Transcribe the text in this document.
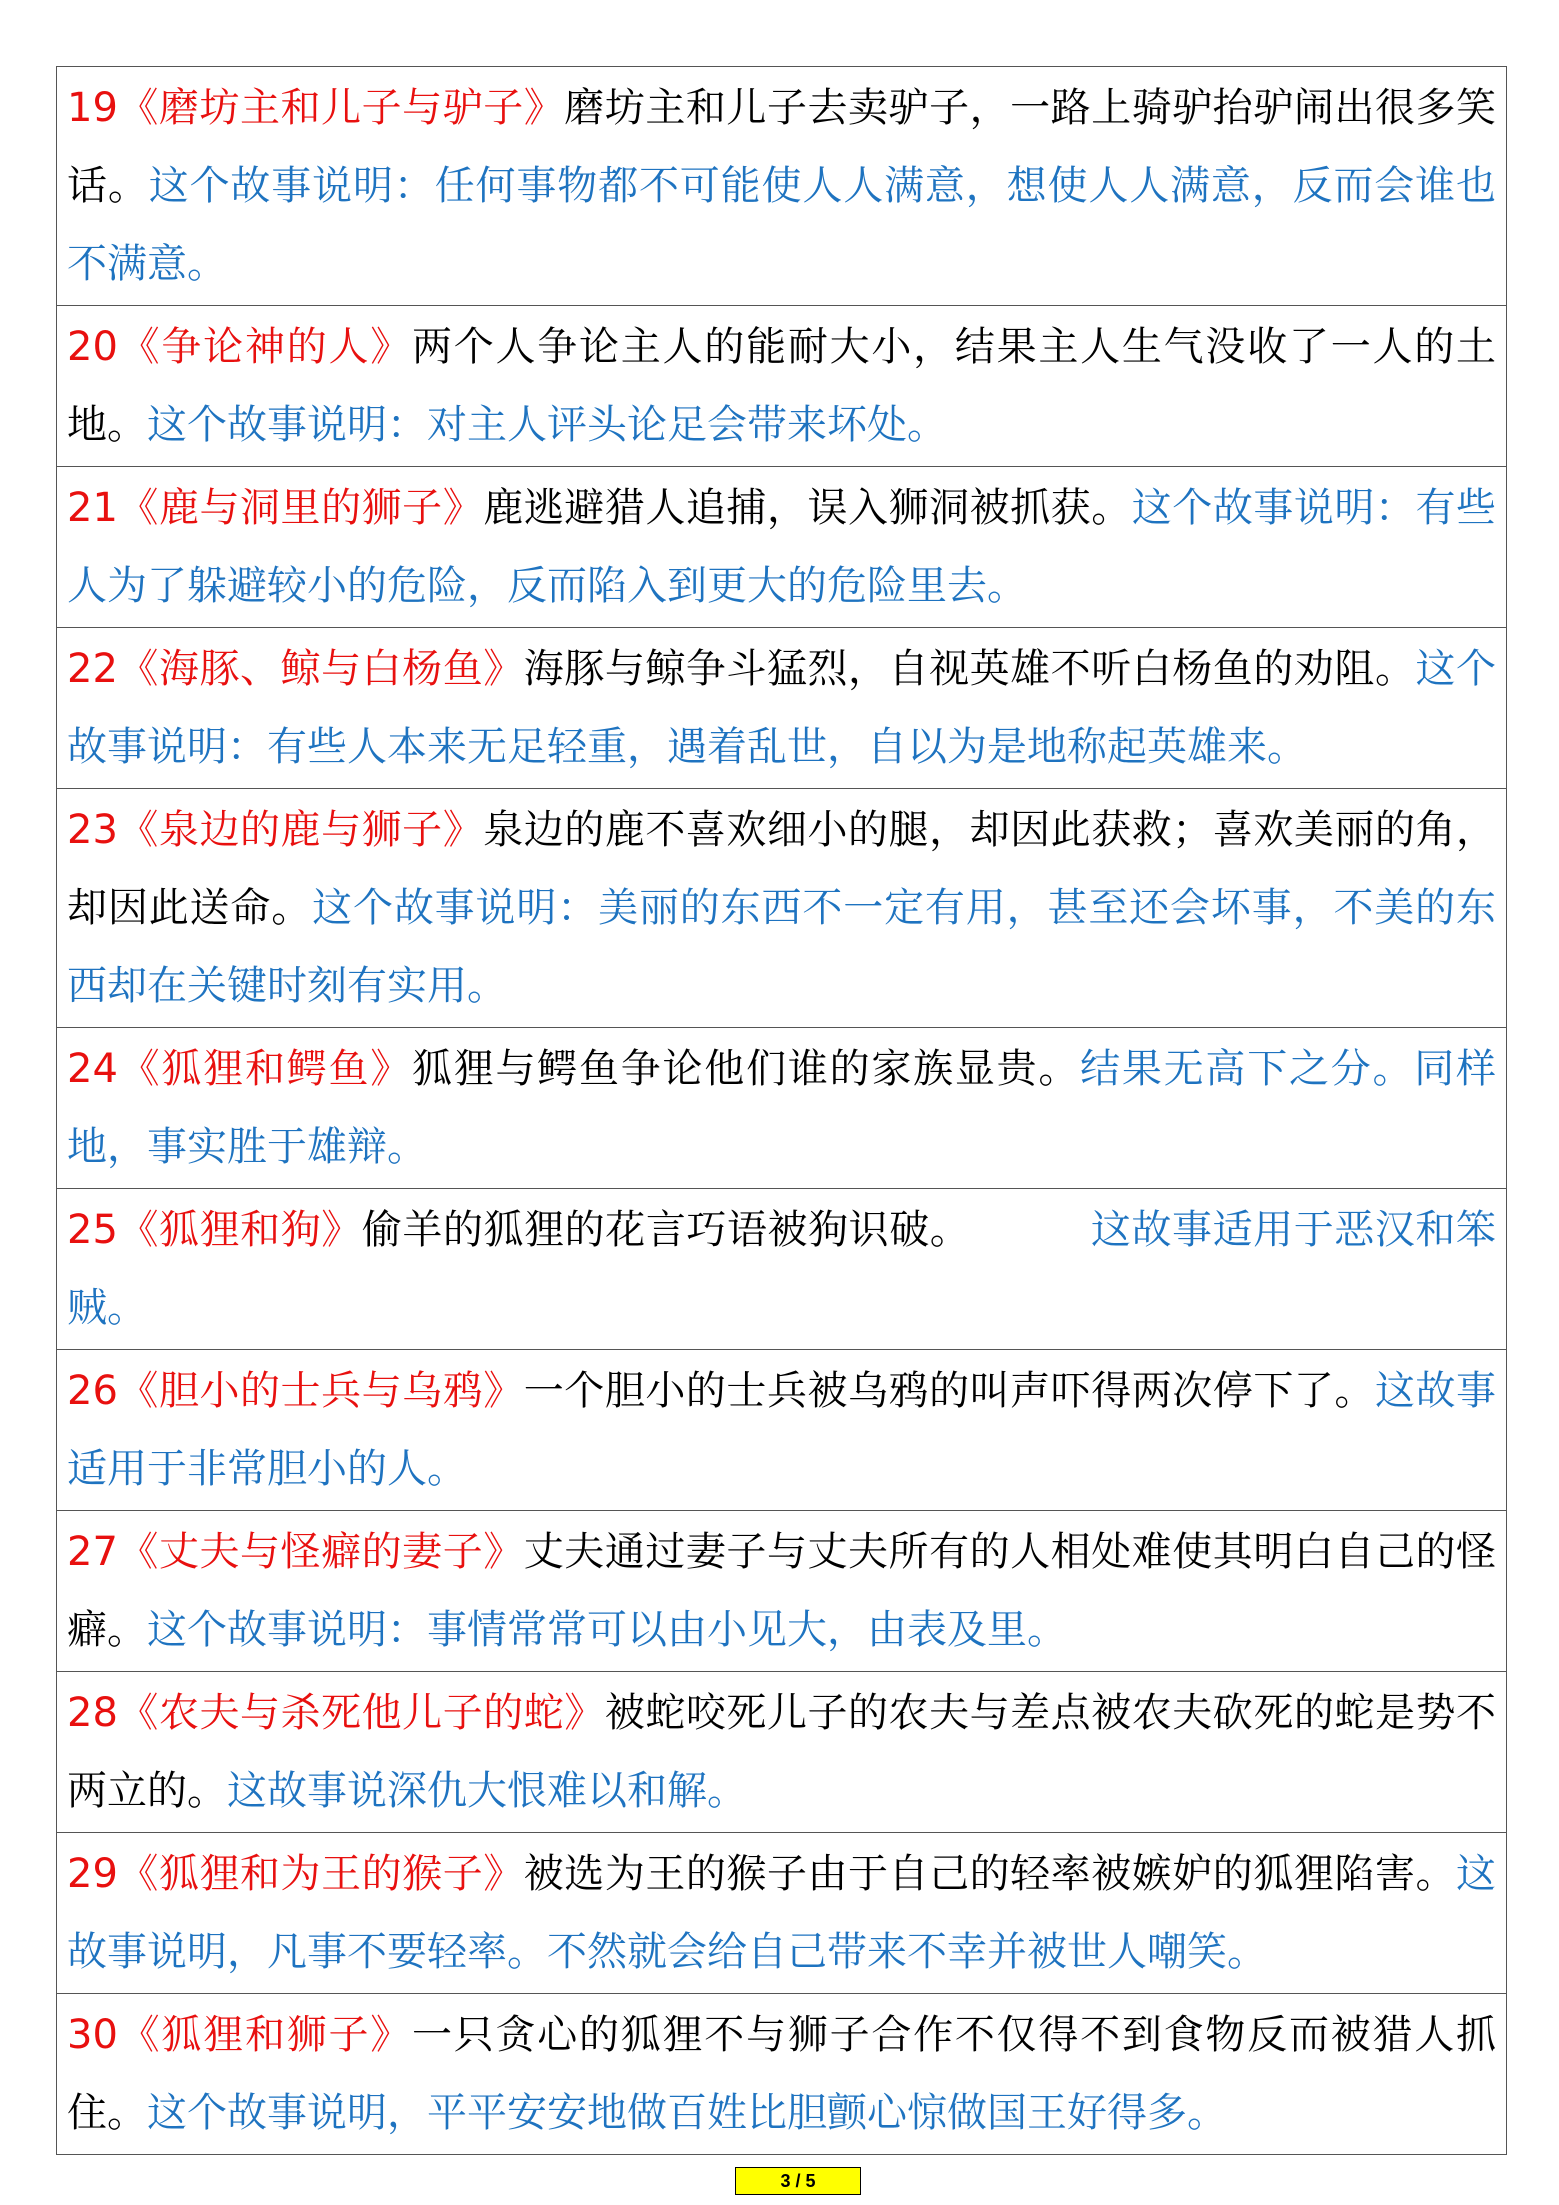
19《磨坊主和儿子与驴子》磨坊主和儿子去卖驴子，一路上骑驴抬驴闹出很多笑话。这个故事说明：任何事物都不可能使人人满意，想使人人满意，反而会谁也不满意。
20《争论神的人》两个人争论主人的能耐大小，结果主人生气没收了一人的土地。这个故事说明：对主人评头论足会带来坏处。
21《鹿与洞里的狮子》鹿逃避猎人追捕，误入狮洞被抓获。这个故事说明：有些人为了躲避较小的危险，反而陷入到更大的危险里去。
22《海豚、鲸与白杨鱼》海豚与鲸争斗猛烈，自视英雄不听白杨鱼的劝阻。这个故事说明：有些人本来无足轻重，遇着乱世，自以为是地称起英雄来。
23《泉边的鹿与狮子》泉边的鹿不喜欢细小的腿，却因此获救；喜欢美丽的角，却因此送命。这个故事说明：美丽的东西不一定有用，甚至还会坏事，不美的东西却在关键时刻有实用。
24《狐狸和鳄鱼》狐狸与鳄鱼争论他们谁的家族显贵。结果无高下之分。同样地，事实胜于雄辩。
25《狐狸和狗》偷羊的狐狸的花言巧语被狗识破。	这故事适用于恶汉和笨贼。
26《胆小的士兵与乌鸦》一个胆小的士兵被乌鸦的叫声吓得两次停下了。这故事适用于非常胆小的人。
27《丈夫与怪癖的妻子》丈夫通过妻子与丈夫所有的人相处难使其明白自己的怪癖。这个故事说明：事情常常可以由小见大，由表及里。
28《农夫与杀死他儿子的蛇》被蛇咬死儿子的农夫与差点被农夫砍死的蛇是势不两立的。这故事说深仇大恨难以和解。
29《狐狸和为王的猴子》被选为王的猴子由于自己的轻率被嫉妒的狐狸陷害。这故事说明，凡事不要轻率。不然就会给自己带来不幸并被世人嘲笑。
30《狐狸和狮子》一只贪心的狐狸不与狮子合作不仅得不到食物反而被猎人抓住。这个故事说明，平平安安地做百姓比胆颤心惊做国王好得多。
3 / 5
